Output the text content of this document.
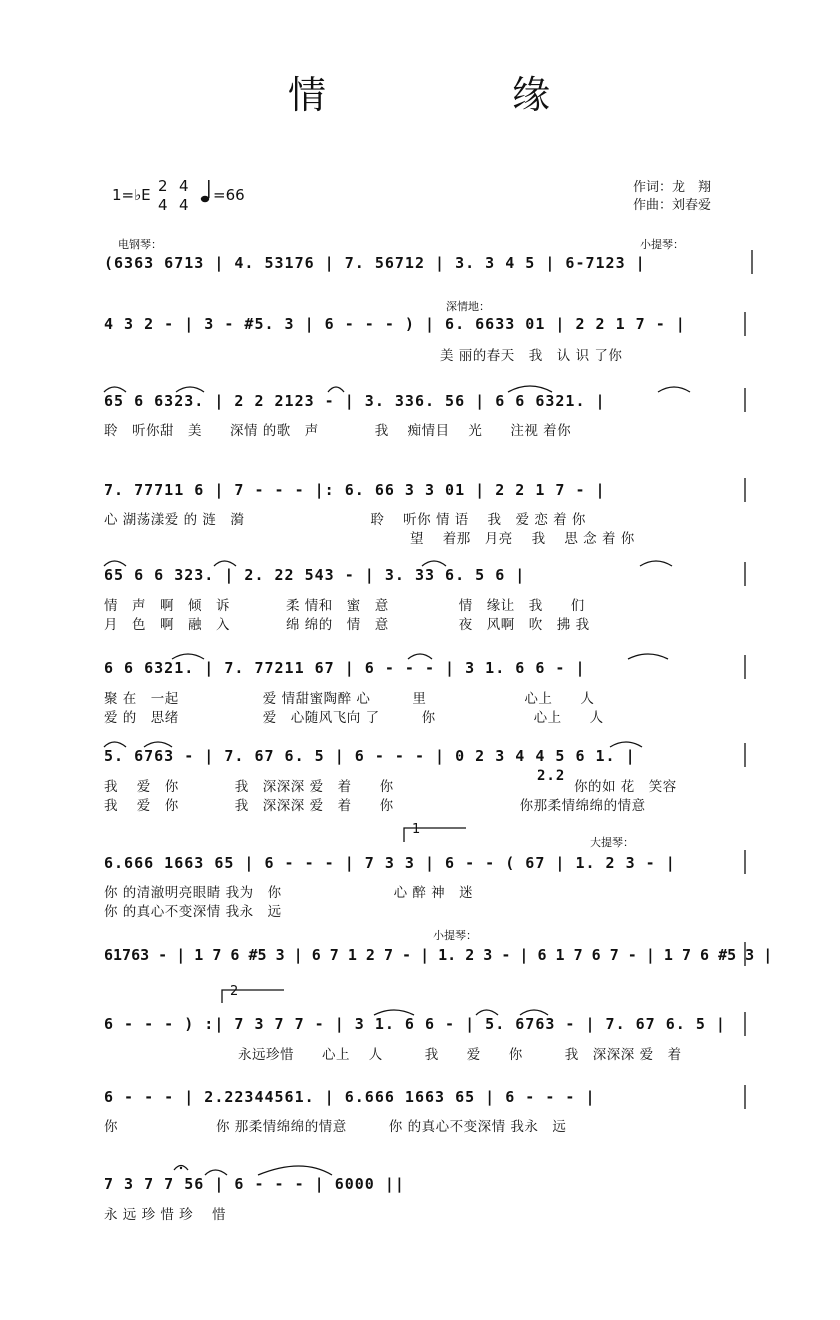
情	缘
1=♭E 2
4
4
4
=66	作词：龙　翔
作曲：刘春爱
电钢琴：	小提琴：
深情地：
大提琴：
小提琴：
(6363 6713 | 4. 53176 | 7. 56712 | 3. 3 4 5 | 6-7123 |
4 3 2 - | 3 - #5. 3 | 6 - - - ) | 6. 6633 01 | 2 2 1 7 - |
美 丽的春天　我　认 识 了你
65 6 6323. | 2 2 2123 - | 3. 336. 56 | 6 6 6321. |
聆　听你甜　美　　深情 的歌　声　　　　我　 痴情目　 光　　注视 着你
7. 77711 6 | 7 - - - |: 6. 66 3 3 01 | 2 2 1 7 - |
心 湖荡漾爱 的 涟　漪　　　　　　　　　聆　 听你 情 语　 我　爱 恋 着 你
望　 着那　月亮　 我　 思 念 着 你
65 6 6 323. | 2. 22 543 - | 3. 33 6. 5 6 |
情　声　啊　倾　诉　　　　柔 情和　蜜　意　　　　　情　缘让　我　　们
月　色　啊　融　入　　　　绵 绵的　情　意　　　　　夜　风啊　吹　拂 我
6 6 6321. | 7. 77211 67 | 6 - - - | 3 1. 6 6 - |
聚 在　一起　　　　　　爱 情甜蜜陶醉 心　　　里　　　　　　　心上　　人
爱 的　思绪　　　　　　爱　心随风飞向 了　　　你　　　　　　　心上　　人
5. 6763 - | 7. 67 6. 5 | 6 - - - | 0 2 3 4 4 5 6 1. |
我　 爱　你　　　　我　深深深 爱　着　　你
2.2
你的如 花　笑容
我　 爱　你　　　　我　深深深 爱　着　　你　　　　　　　　　你那柔情绵绵的情意
1
6.666 1663 65 | 6 - - - | 7 3 3 | 6 - - ( 67 | 1. 2 3 - |
你 的清澈明亮眼睛 我为　你　　　　　　　　心 醉 神　迷
你 的真心不变深情 我永　远
61763 - | 1 7 6 #5 3 | 6 7 1 2 7 - | 1. 2 3 - | 6 1 7 6 7 - | 1 7 6 #5 3 |
2
6 - - - ) :| 7 3 7 7 - | 3 1. 6 6 - | 5. 6763 - | 7. 67 6. 5 |
永远珍惜　　心上　 人　　　我　　爱　　你　　　我　深深深 爱　着
6 - - - | 2.22344561. | 6.666 1663 65 | 6 - - - |
你　　　　　　　你 那柔情绵绵的情意　　　你 的真心不变深情 我永　远
7 3 7 7 56 | 6 - - - | 6000 ||
永 远 珍 惜 珍　 惜
